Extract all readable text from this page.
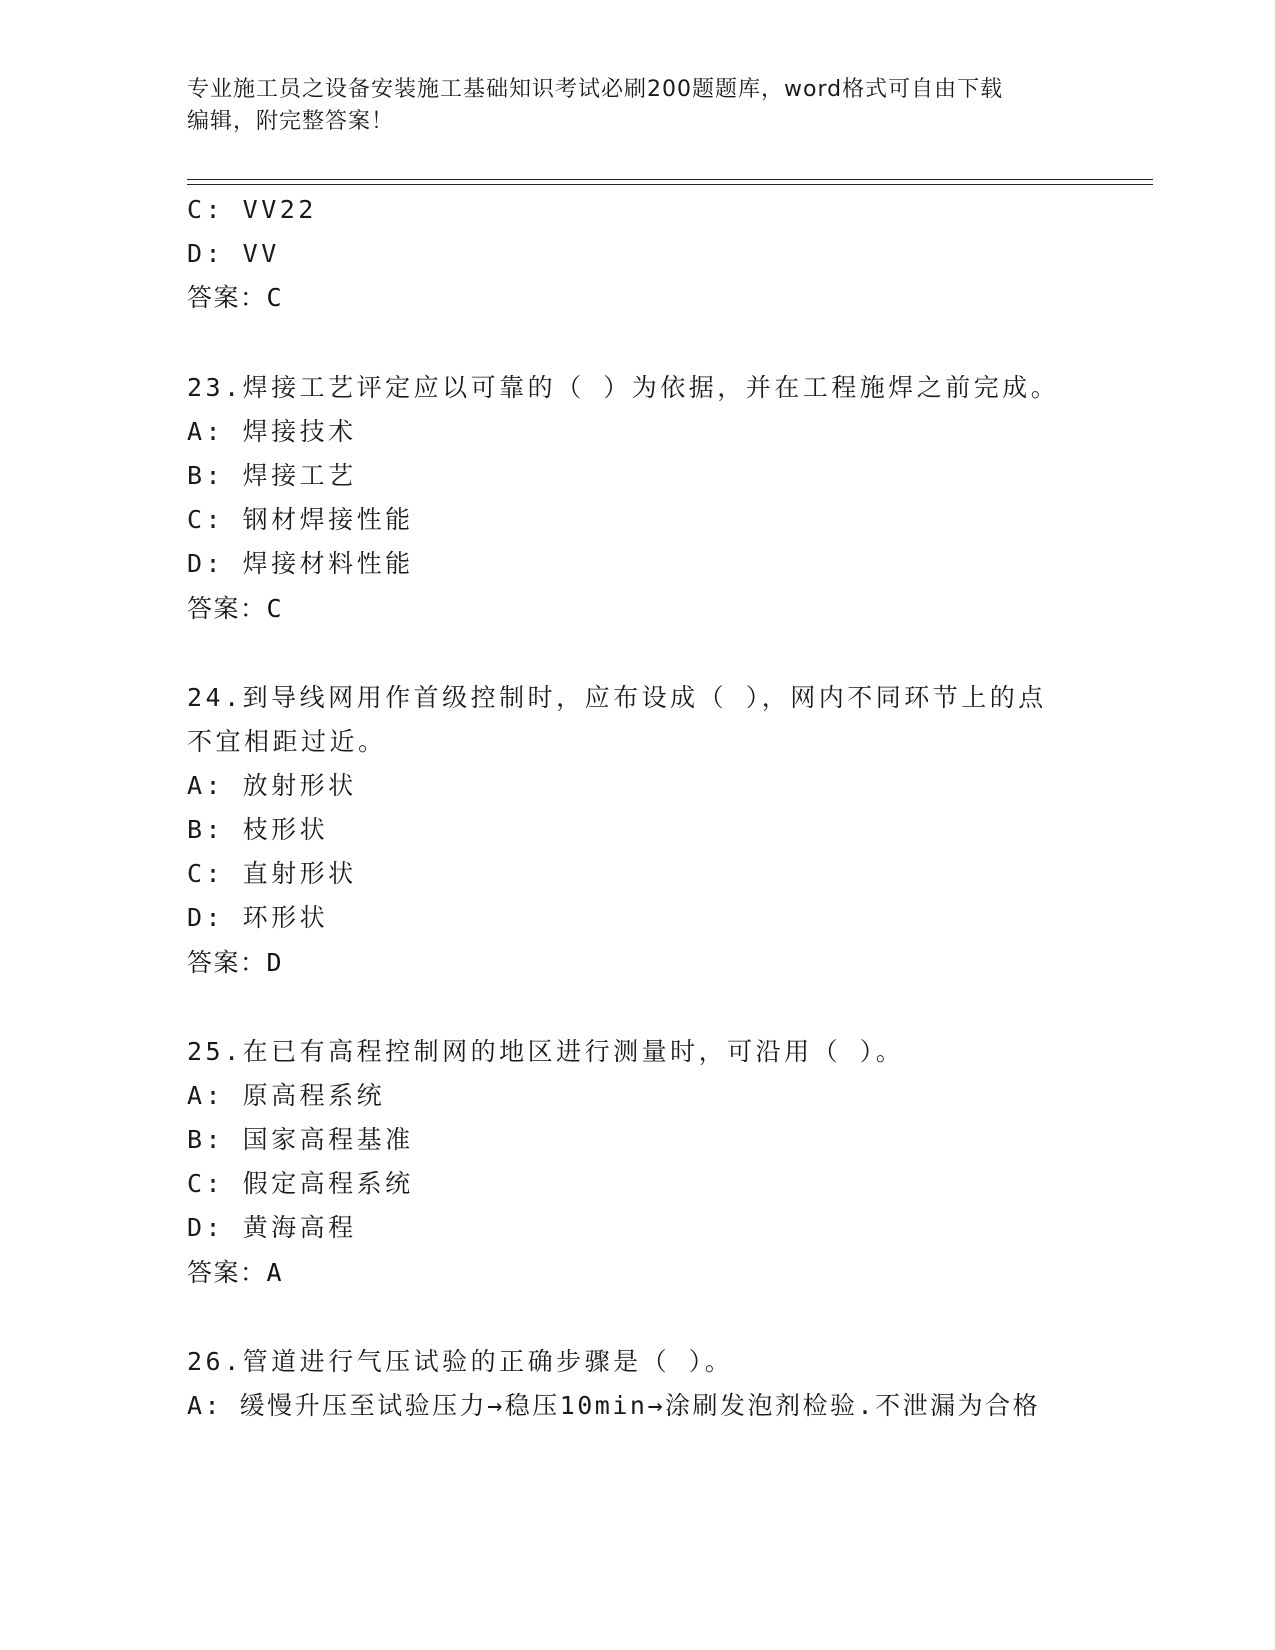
专业施工员之设备安装施工基础知识考试必刷200题题库，word格式可自由下载
编辑，附完整答案！
C: VV22
D: VV
答案：C
23.焊接工艺评定应以可靠的（ ）为依据，并在工程施焊之前完成。
A: 焊接技术
B: 焊接工艺
C: 钢材焊接性能
D: 焊接材料性能
答案：C
24.到导线网用作首级控制时，应布设成（ ），网内不同环节上的点
不宜相距过近。
A: 放射形状
B: 枝形状
C: 直射形状
D: 环形状
答案：D
25.在已有高程控制网的地区进行测量时，可沿用（ ）。
A: 原高程系统
B: 国家高程基准
C: 假定高程系统
D: 黄海高程
答案：A
26.管道进行气压试验的正确步骤是（ ）。
A: 缓慢升压至试验压力→稳压10min→涂刷发泡剂检验.不泄漏为合格
